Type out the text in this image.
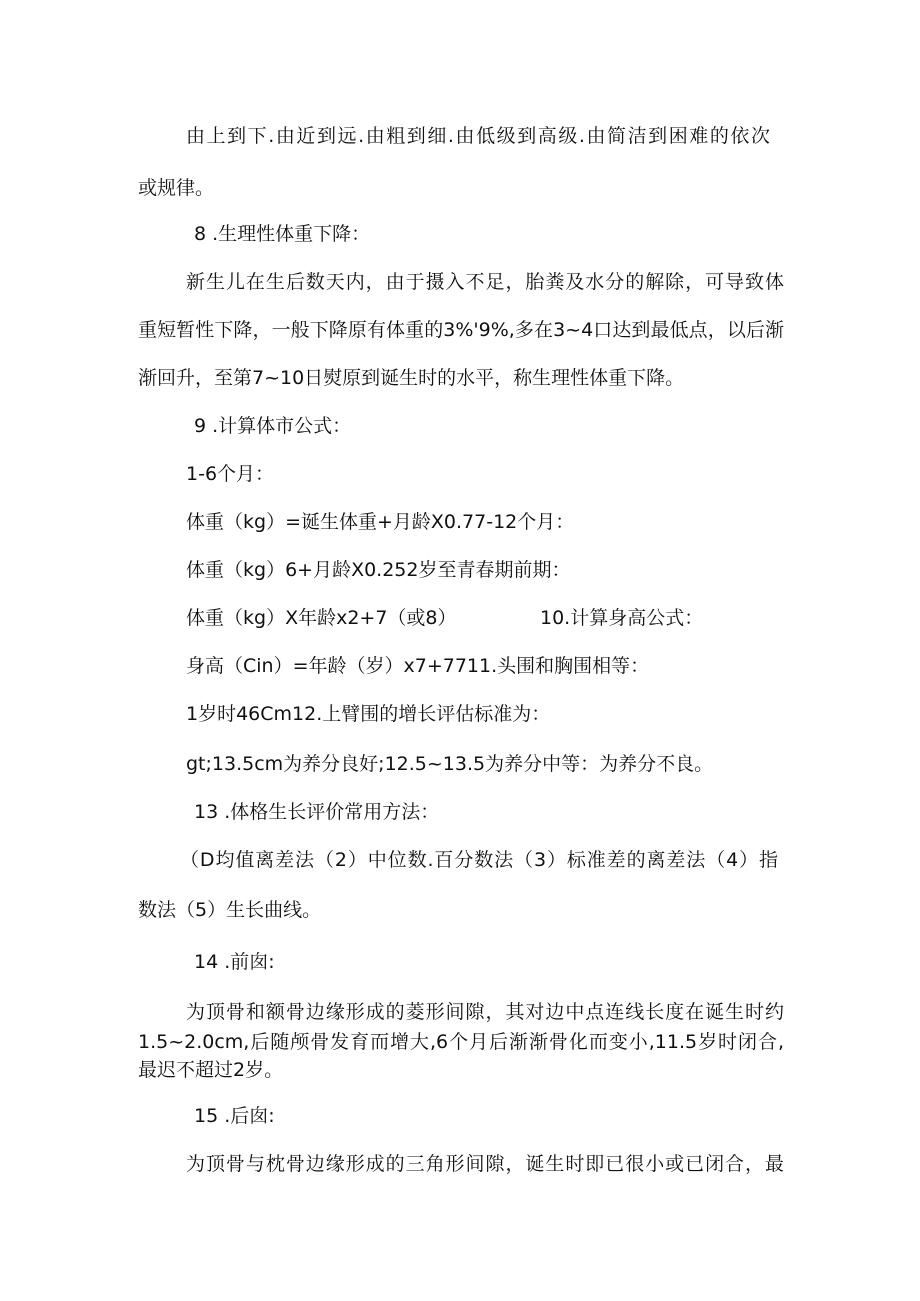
由上到下.由近到远.由粗到细.由低级到高级.由简洁到困难的依次
或规律。
8 .生理性体重下降：
新生儿在生后数天内，由于摄入不足，胎粪及水分的解除，可导致体
重短暂性下降，一般下降原有体重的3%'9%,多在3~4口达到最低点，以后渐
渐回升，至第7~10日熨原到诞生时的水平，称生理性体重下降。
9 .计算体市公式：
1-6个月：
体重（kg）=诞生体重+月龄X0.77-12个月：
体重（kg）6+月龄X0.252岁至青春期前期：
体重（kg）X年龄x2+7（或8）	10.计算身高公式：
身高（Cin）=年龄（岁）x7+7711.头围和胸围相等：
1岁时46Cm12.上臂围的增长评估标准为：
gt;13.5cm为养分良好;12.5~13.5为养分中等：为养分不良。
13 .体格生长评价常用方法：
（D均值离差法（2）中位数.百分数法（3）标准差的离差法（4）指
数法（5）生长曲线。
14 .前囱:
为顶骨和额骨边缘形成的菱形间隙，其对边中点连线长度在诞生时约
1.5~2.0cm,后随颅骨发育而增大,6个月后渐渐骨化而变小,11.5岁时闭合,
最迟不超过2岁。
15 .后囱:
为顶骨与枕骨边缘形成的三角形间隙，诞生时即已很小或已闭合，最
